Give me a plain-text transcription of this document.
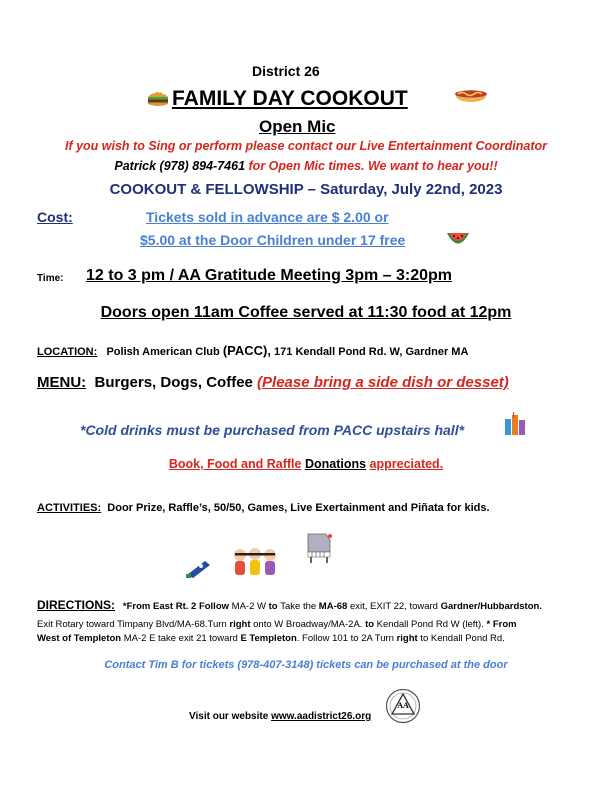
District 26
FAMILY DAY COOKOUT
Open Mic
If you wish to Sing or perform please contact our Live Entertainment Coordinator
Patrick (978) 894-7461 for Open Mic times. We want to hear you!!
COOKOUT & FELLOWSHIP – Saturday, July 22nd, 2023
Cost:	Tickets sold in advance are $ 2.00 or
$5.00 at the Door Children under 17 free
Time: 12 to 3 pm / AA Gratitude Meeting 3pm – 3:20pm
Doors open 11am Coffee served at 11:30 food at 12pm
LOCATION: Polish American Club (PACC), 171 Kendall Pond Rd. W, Gardner MA
MENU: Burgers, Dogs, Coffee (Please bring a side dish or desset)
*Cold drinks must be purchased from PACC upstairs hall*
Book, Food and Raffle Donations appreciated.
ACTIVITIES: Door Prize, Raffle’s, 50/50, Games, Live Exertainment and Piñata for kids.
DIRECTIONS: *From East Rt. 2 Follow MA-2 W to Take the MA-68 exit, EXIT 22, toward Gardner/Hubbardston.
Exit Rotary toward Timpany Blvd/MA-68.Turn right onto W Broadway/MA-2A. to Kendall Pond Rd W (left). * From
West of Templeton MA-2 E take exit 21 toward E Templeton. Follow 101 to 2A Turn right to Kendall Pond Rd.
Contact Tim B for tickets (978-407-3148) tickets can be purchased at the door
Visit our website www.aadistrict26.org
AA
